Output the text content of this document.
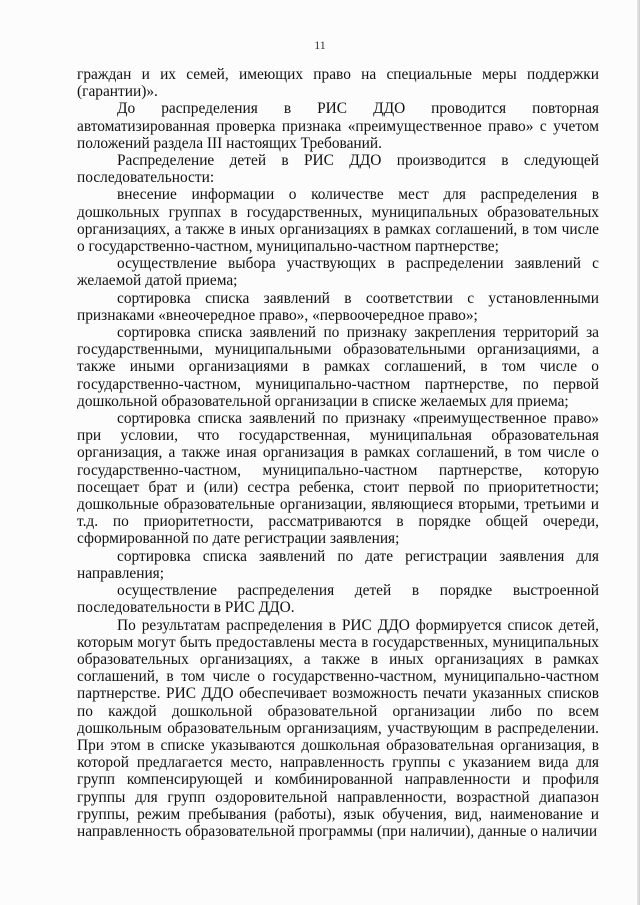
11

граждан и их семей, имеющих право на специальные меры поддержки (гарантии)».

До распределения в РИС ДДО проводится повторная автоматизированная проверка признака «преимущественное право» с учетом положений раздела III настоящих Требований.

Распределение детей в РИС ДДО производится в следующей последовательности:

внесение информации о количестве мест для распределения в дошкольных группах в государственных, муниципальных образовательных организациях, а также в иных организациях в рамках соглашений, в том числе о государственно-частном, муниципально-частном партнерстве;

осуществление выбора участвующих в распределении заявлений с желаемой датой приема;

сортировка списка заявлений в соответствии с установленными признаками «внеочередное право», «первоочередное право»;

сортировка списка заявлений по признаку закрепления территорий за государственными, муниципальными образовательными организациями, а также иными организациями в рамках соглашений, в том числе о государственно-частном, муниципально-частном партнерстве, по первой дошкольной образовательной организации в списке желаемых для приема;

сортировка списка заявлений по признаку «преимущественное право» при условии, что государственная, муниципальная образовательная организация, а также иная организация в рамках соглашений, в том числе о государственно-частном, муниципально-частном партнерстве, которую посещает брат и (или) сестра ребенка, стоит первой по приоритетности; дошкольные образовательные организации, являющиеся вторыми, третьими и т.д. по приоритетности, рассматриваются в порядке общей очереди, сформированной по дате регистрации заявления;

сортировка списка заявлений по дате регистрации заявления для направления;

осуществление распределения детей в порядке выстроенной последовательности в РИС ДДО.

По результатам распределения в РИС ДДО формируется список детей, которым могут быть предоставлены места в государственных, муниципальных образовательных организациях, а также в иных организациях в рамках соглашений, в том числе о государственно-частном, муниципально-частном партнерстве. РИС ДДО обеспечивает возможность печати указанных списков по каждой дошкольной образовательной организации либо по всем дошкольным образовательным организациям, участвующим в распределении. При этом в списке указываются дошкольная образовательная организация, в которой предлагается место, направленность группы с указанием вида для групп компенсирующей и комбинированной направленности и профиля группы для групп оздоровительной направленности, возрастной диапазон группы, режим пребывания (работы), язык обучения, вид, наименование и направленность образовательной программы (при наличии), данные о наличии
